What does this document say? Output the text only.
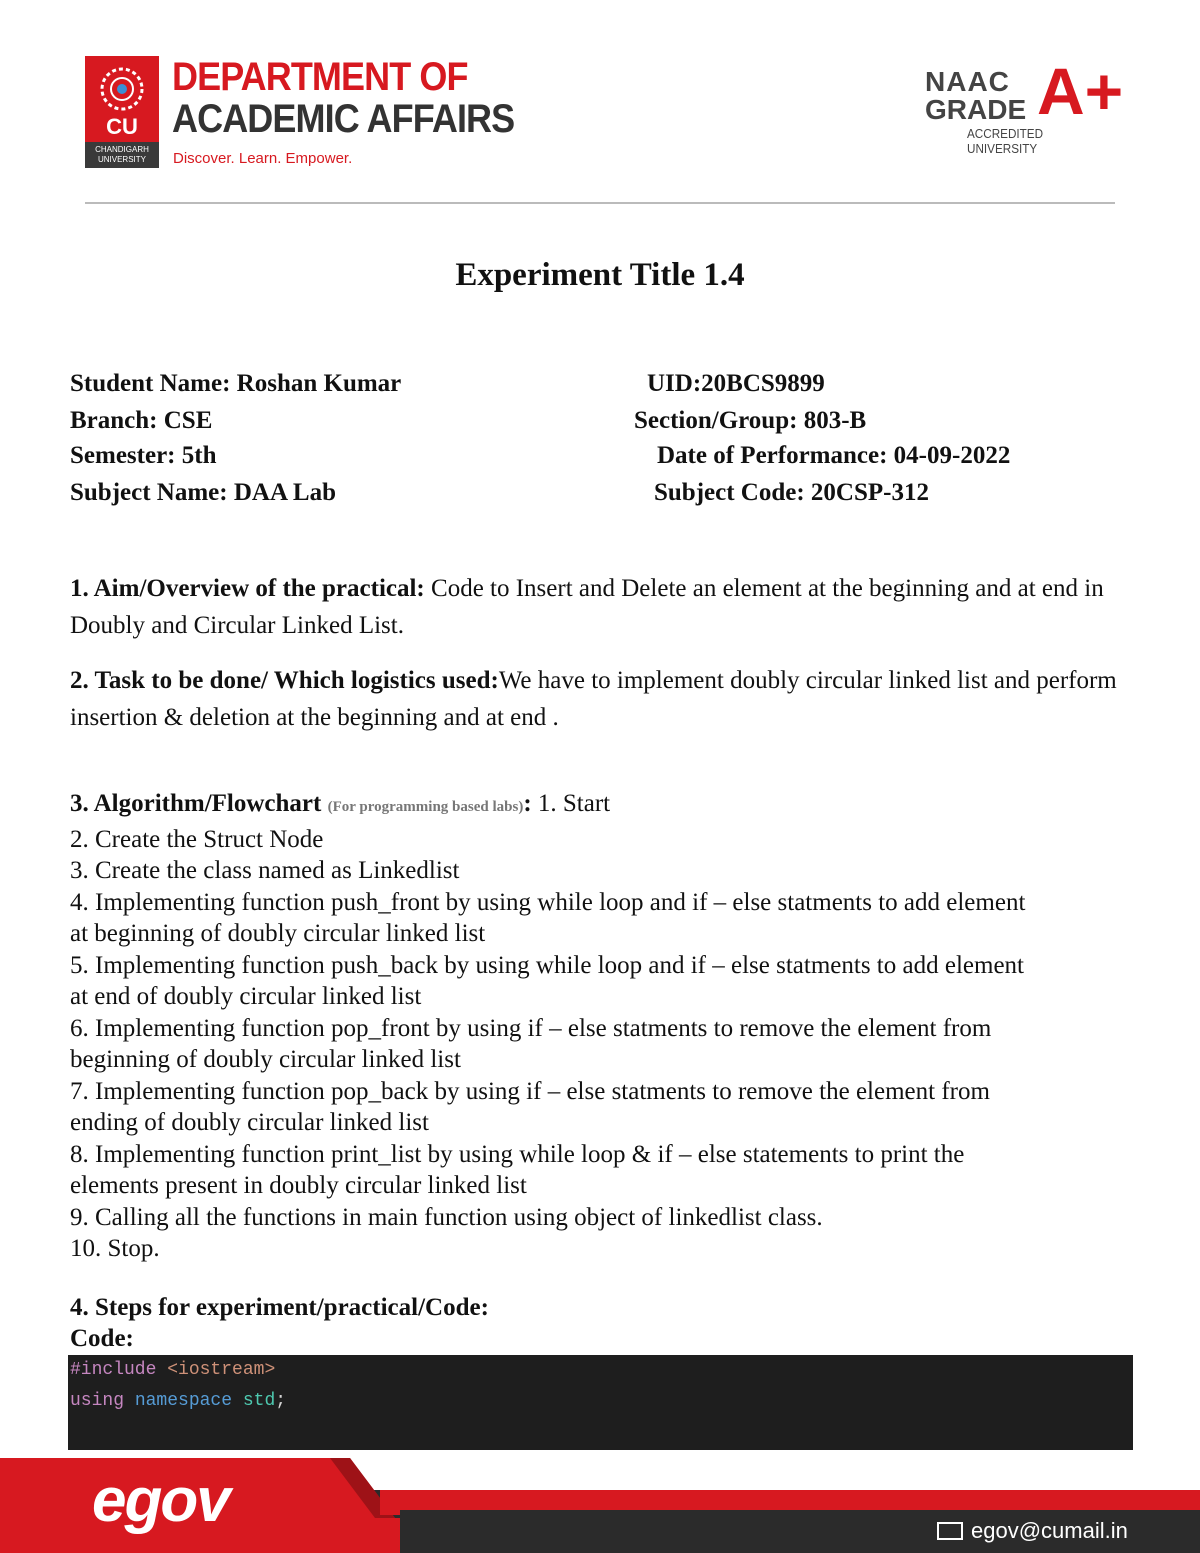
CU
CHANDIGARH UNIVERSITY
DEPARTMENT OF
ACADEMIC AFFAIRS
Discover. Learn. Empower.
NAAC
GRADE A+
ACCREDITED UNIVERSITY
Experiment Title 1.4
Student Name: Roshan Kumar	UID:20BCS9899
Branch: CSE	Section/Group: 803-B
Semester: 5th	Date of Performance: 04-09-2022
Subject Name: DAA Lab	Subject Code: 20CSP-312
1. Aim/Overview of the practical: Code to Insert and Delete an element at the beginning and at end in Doubly and Circular Linked List.
2. Task to be done/ Which logistics used:We have to implement doubly circular linked list and perform insertion & deletion at the beginning and at end .
3. Algorithm/Flowchart (For programming based labs): 1. Start
2. Create the Struct Node
3. Create the class named as Linkedlist
4. Implementing function push_front by using while loop and if – else statments to add element
at beginning of doubly circular linked list
5. Implementing function push_back by using while loop and if – else statments to add element
at end of doubly circular linked list
6. Implementing function pop_front by using if – else statments to remove the element from
beginning of doubly circular linked list
7. Implementing function pop_back by using if – else statments to remove the element from
ending of doubly circular linked list
8. Implementing function print_list by using while loop & if – else statements to print the
elements present in doubly circular linked list
9. Calling all the functions in main function using object of linkedlist class.
10. Stop.
4. Steps for experiment/practical/Code:
Code:
#include <iostream>
using namespace std;
egov	egov@cumail.in
